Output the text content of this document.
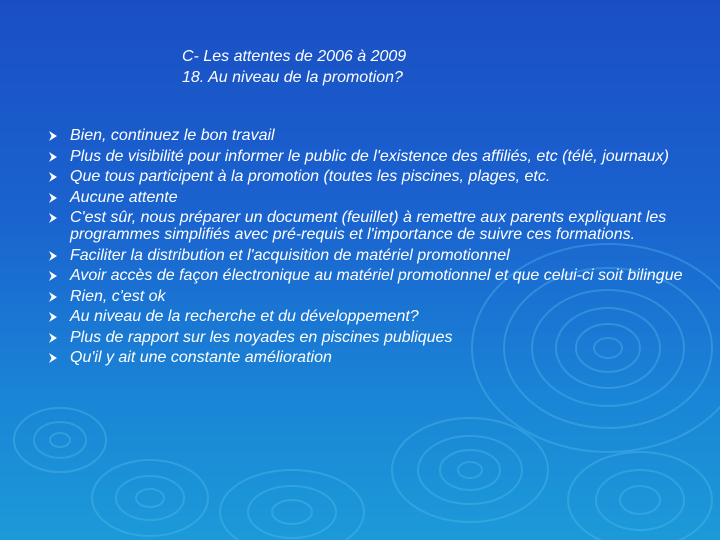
C- Les attentes de 2006 à 2009
18. Au niveau de la promotion?
Bien, continuez le bon travail
Plus de visibilité pour informer le public de l'existence des affiliés, etc (télé, journaux)
Que tous participent à la promotion (toutes les piscines, plages, etc.
Aucune attente
C'est sûr, nous préparer un document (feuillet) à remettre aux parents expliquant les programmes simplifiés avec pré-requis et l'importance de suivre ces formations.
Faciliter la distribution et l'acquisition de matériel promotionnel
Avoir accès de façon électronique au matériel promotionnel et que celui-ci soit bilingue
Rien, c'est ok
Au niveau de la recherche et du développement?
Plus de rapport sur les noyades en piscines publiques
Qu'il y ait une constante amélioration
